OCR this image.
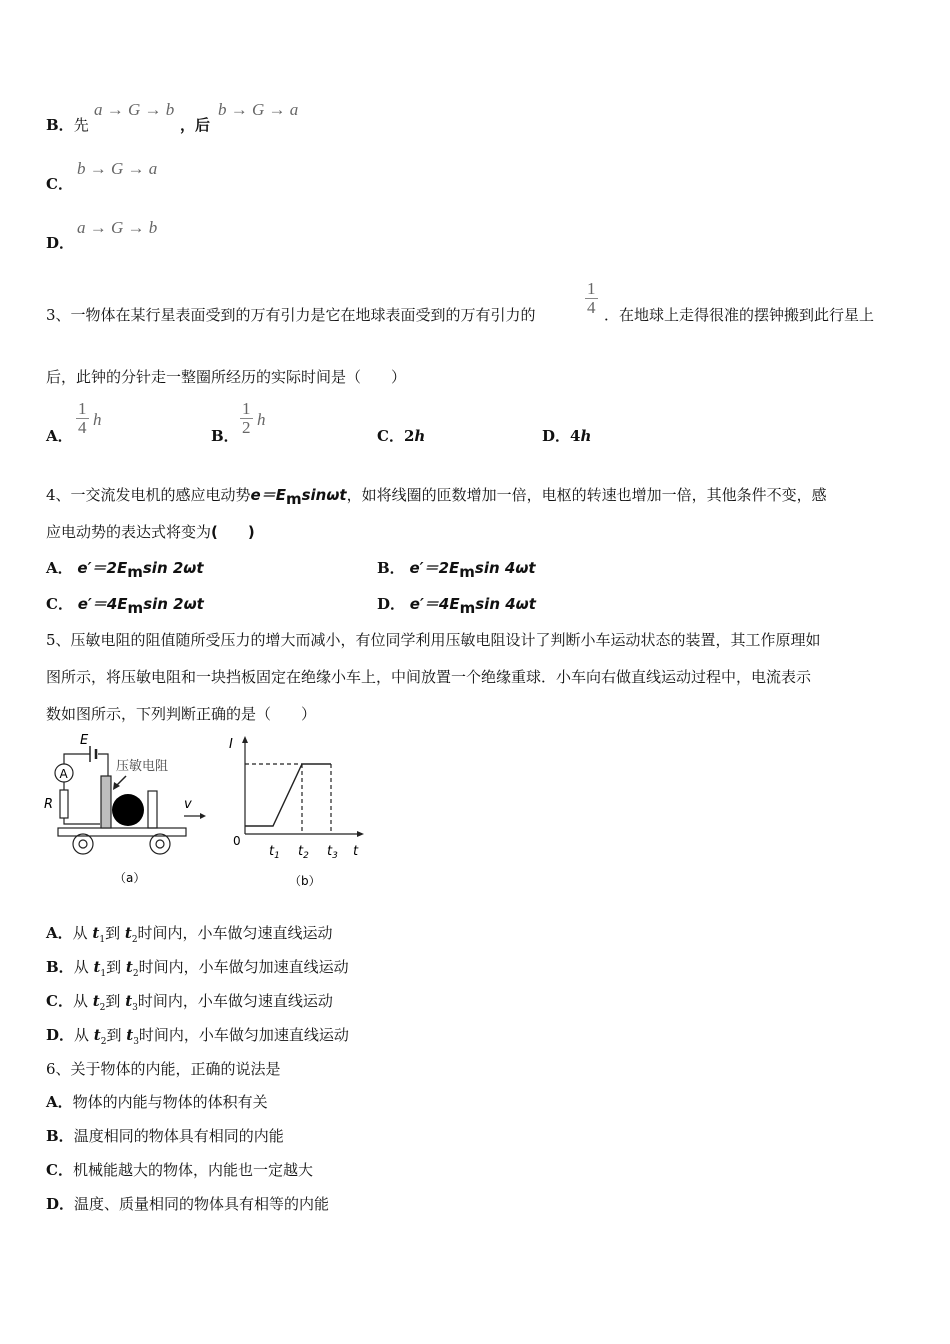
B．先
a → G → b
，后
b → G → a
C．
b → G → a
D．
a → G → b
3、一物体在某行星表面受到的万有引力是它在地球表面受到的万有引力的	$\frac{1}{4}$ ．在地球上走得很准的摆钟搬到此行星上
后，此钟的分针走一整圈所经历的实际时间是（　　）
A． $\frac{1}{4}$ h
B． $\frac{1}{2}$ h
C．2h	D．4h
4、一交流发电机的感应电动势$e=E_m\sin\omega t$，如将线圈的匝数增加一倍，电枢的转速也增加一倍，其他条件不变，感
应电动势的表达式将变为(　　)
A． $e'=2E_m\sin$ 2ωt	B． $e'=2E_m\sin$ 4ωt
C． $e'=4E_m\sin$ 2ωt	D． $e'=4E_m\sin$ 4ωt
5、压敏电阻的阻值随所受压力的增大而减小，有位同学利用压敏电阻设计了判断小车运动状态的装置，其工作原理如
图所示，将压敏电阻和一块挡板固定在绝缘小车上，中间放置一个绝缘重球．小车向右做直线运动过程中，电流表示
数如图所示，下列判断正确的是（　　）
A
E
R
压敏电阻
v
（a）
I
0
$t_1$ $t_2$ $t_3$ t
（b）
A．从 $t_1$到 $t_2$时间内，小车做匀速直线运动
B．从 $t_1$到 $t_2$时间内，小车做匀加速直线运动
C．从 $t_2$到 $t_3$时间内，小车做匀速直线运动
D．从 $t_2$到 $t_3$时间内，小车做匀加速直线运动
6、关于物体的内能，正确的说法是
A．物体的内能与物体的体积有关
B．温度相同的物体具有相同的内能
C．机械能越大的物体，内能也一定越大
D．温度、质量相同的物体具有相等的内能
